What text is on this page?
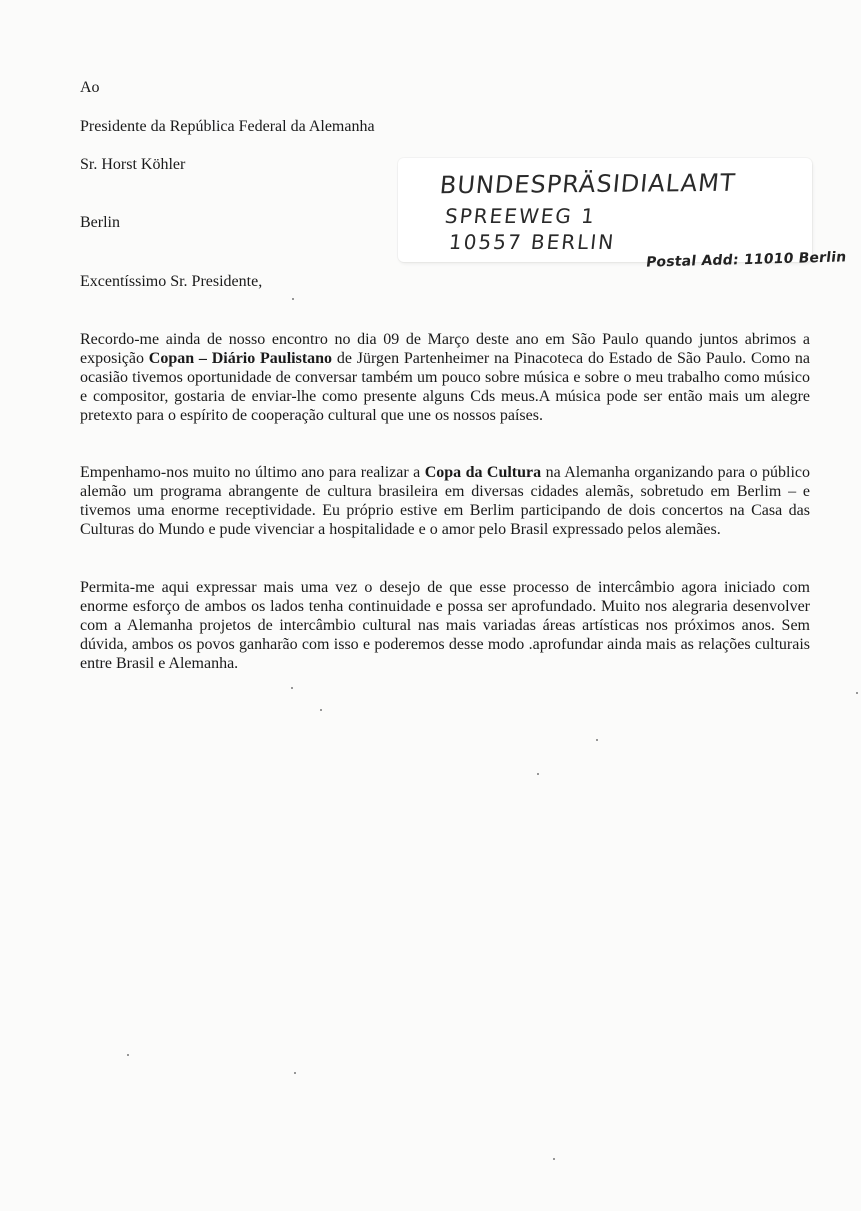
Ao
Presidente da República Federal da Alemanha
Sr. Horst Köhler
Berlin
BUNDESPRÄSIDIALAMT
SPREEWEG 1
10557 BERLIN
Postal Add: 11010 Berlin
Excentíssimo Sr. Presidente,

Recordo-me ainda de nosso encontro no dia 09 de Março deste ano em São Paulo quando juntos abrimos a exposição Copan – Diário Paulistano de Jürgen Partenheimer na Pinacoteca do Estado de São Paulo. Como na ocasião tivemos oportunidade de conversar também um pouco sobre música e sobre o meu trabalho como músico e compositor, gostaria de enviar-lhe como presente alguns Cds meus.A música pode ser então mais um alegre pretexto para o espírito de cooperação cultural que une os nossos países.

Empenhamo-nos muito no último ano para realizar a Copa da Cultura na Alemanha organizando para o público alemão um programa abrangente de cultura brasileira em diversas cidades alemãs, sobretudo em Berlim – e tivemos uma enorme receptividade. Eu próprio estive em Berlim participando de dois concertos na Casa das Culturas do Mundo e pude vivenciar a hospitalidade e o amor pelo Brasil expressado pelos alemães.

Permita-me aqui expressar mais uma vez o desejo de que esse processo de intercâmbio agora iniciado com enorme esforço de ambos os lados tenha continuidade e possa ser aprofundado. Muito nos alegraria desenvolver com a Alemanha projetos de intercâmbio cultural nas mais variadas áreas artísticas nos próximos anos. Sem dúvida, ambos os povos ganharão com isso e poderemos desse modo .aprofundar ainda mais as relações culturais entre Brasil e Alemanha.
